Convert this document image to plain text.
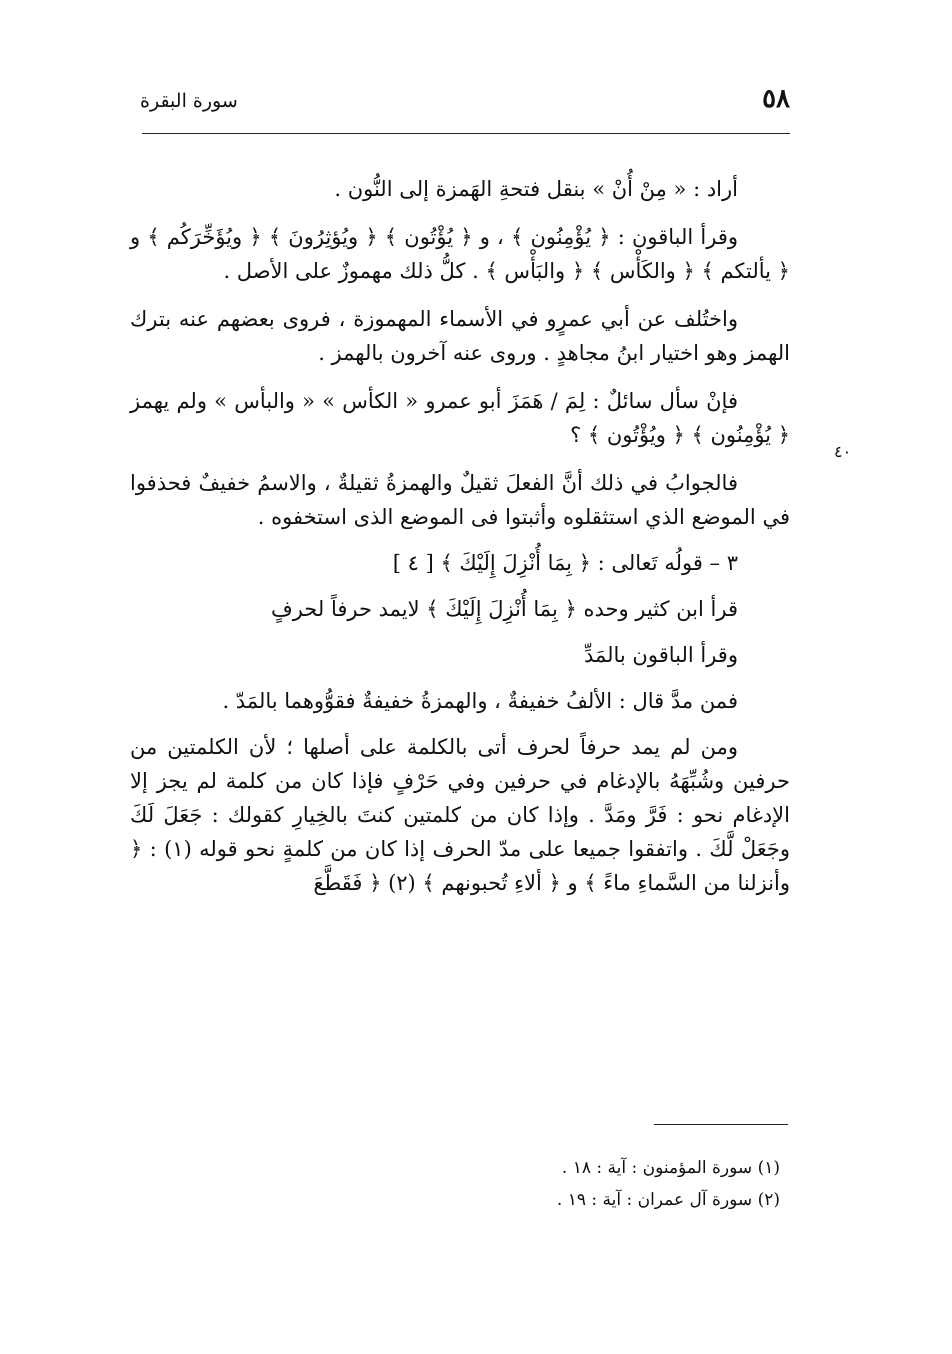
٥٨
سورة البقرة
٤٠

أراد : « مِنْ أُنْ » بنقل فتحةِ الهَمزة إلى النُّون .

وقرأ الباقون : ﴿ يُؤْمِنُون ﴾ ، و ﴿ يُؤْتُون ﴾ ﴿ ويُؤثِرُونَ ﴾ ﴿ ويُؤَخِّرَكُم ﴾ و ﴿ يألتكم ﴾ ﴿ والكَأْس ﴾ ﴿ والبَأْس ﴾ . كلُّ ذلك مهموزٌ على الأصل .

واختُلف عن أبي عمرٍو في الأسماء المهموزة ، فروى بعضهم عنه بترك الهمز وهو اختيار ابنُ مجاهدٍ . وروى عنه آخرون بالهمز .

فإنْ سأل سائلٌ : لِمَ / هَمَزَ أبو عمرو « الكأس » « والبأس » ولم يهمز ﴿ يُؤْمِنُون ﴾ ﴿ ويُؤْتُون ﴾ ؟

فالجوابُ في ذلك أنَّ الفعلَ ثقيلٌ والهمزةُ ثقيلةٌ ، والاسمُ خفيفٌ فحذفوا في الموضع الذي استثقلوه وأثبتوا فى الموضع الذى استخفوه .

٣ – قولُه تَعالى : ﴿ بِمَا أُنْزِلَ إِلَيْكَ ﴾ [ ٤ ]

قرأ ابن كثير وحده ﴿ بِمَا أُنْزِلَ إِلَيْكَ ﴾ لايمد حرفاً لحرفٍ

وقرأ الباقون بالمَدِّ

فمن مدَّ قال : الألفُ خفيفةٌ ، والهمزةُ خفيفةٌ فقوُّوهما بالمَدّ .

ومن لم يمد حرفاً لحرف أتى بالكلمة على أصلها ؛ لأن الكلمتين من حرفين وشُبِّهَهُ بالإدغام في حرفين وفي حَرْفٍ فإذا كان من كلمة لم يجز إلا الإدغام نحو : فَرَّ ومَدَّ . وإذا كان من كلمتين كنتَ بالخِيارِ كقولك : جَعَلَ لَكَ وجَعَلْ لَّكَ . واتفقوا جميعا على مدّ الحرف إذا كان من كلمةٍ نحو قوله (١) : ﴿ وأنزلنا من السَّماءِ ماءً ﴾ و ﴿ ألاءِ تُحبونهم ﴾ (٢) ﴿ فَقَطَّعَ

(١) سورة المؤمنون : آية : ١٨ .

(٢) سورة آل عمران : آية : ١٩ .
